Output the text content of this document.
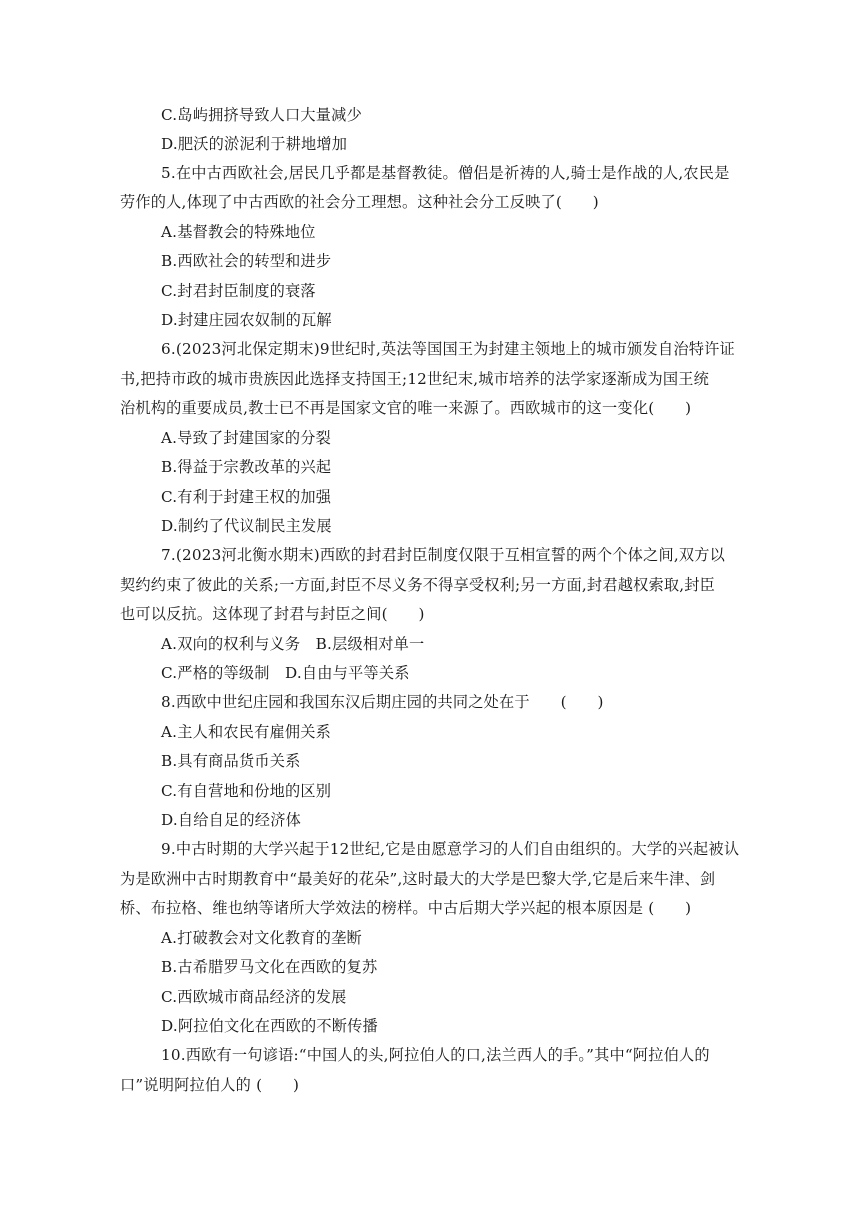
C.岛屿拥挤导致人口大量减少
D.肥沃的淤泥利于耕地增加
5.在中古西欧社会,居民几乎都是基督教徒。僧侣是祈祷的人,骑士是作战的人,农民是
劳作的人,体现了中古西欧的社会分工理想。这种社会分工反映了(　　)
A.基督教会的特殊地位
B.西欧社会的转型和进步
C.封君封臣制度的衰落
D.封建庄园农奴制的瓦解
6.(2023河北保定期末)9世纪时,英法等国国王为封建主领地上的城市颁发自治特许证
书,把持市政的城市贵族因此选择支持国王;12世纪末,城市培养的法学家逐渐成为国王统
治机构的重要成员,教士已不再是国家文官的唯一来源了。西欧城市的这一变化(　　)
A.导致了封建国家的分裂
B.得益于宗教改革的兴起
C.有利于封建王权的加强
D.制约了代议制民主发展
7.(2023河北衡水期末)西欧的封君封臣制度仅限于互相宣誓的两个个体之间,双方以
契约约束了彼此的关系;一方面,封臣不尽义务不得享受权利;另一方面,封君越权索取,封臣
也可以反抗。这体现了封君与封臣之间(　　)
A.双向的权利与义务　B.层级相对单一
C.严格的等级制　D.自由与平等关系
8.西欧中世纪庄园和我国东汉后期庄园的共同之处在于　　(　　)
A.主人和农民有雇佣关系
B.具有商品货币关系
C.有自营地和份地的区别
D.自给自足的经济体
9.中古时期的大学兴起于12世纪,它是由愿意学习的人们自由组织的。大学的兴起被认
为是欧洲中古时期教育中“最美好的花朵”,这时最大的大学是巴黎大学,它是后来牛津、剑
桥、布拉格、维也纳等诸所大学效法的榜样。中古后期大学兴起的根本原因是 (　　)
A.打破教会对文化教育的垄断
B.古希腊罗马文化在西欧的复苏
C.西欧城市商品经济的发展
D.阿拉伯文化在西欧的不断传播
10.西欧有一句谚语:“中国人的头,阿拉伯人的口,法兰西人的手。”其中“阿拉伯人的
口”说明阿拉伯人的 (　　)
